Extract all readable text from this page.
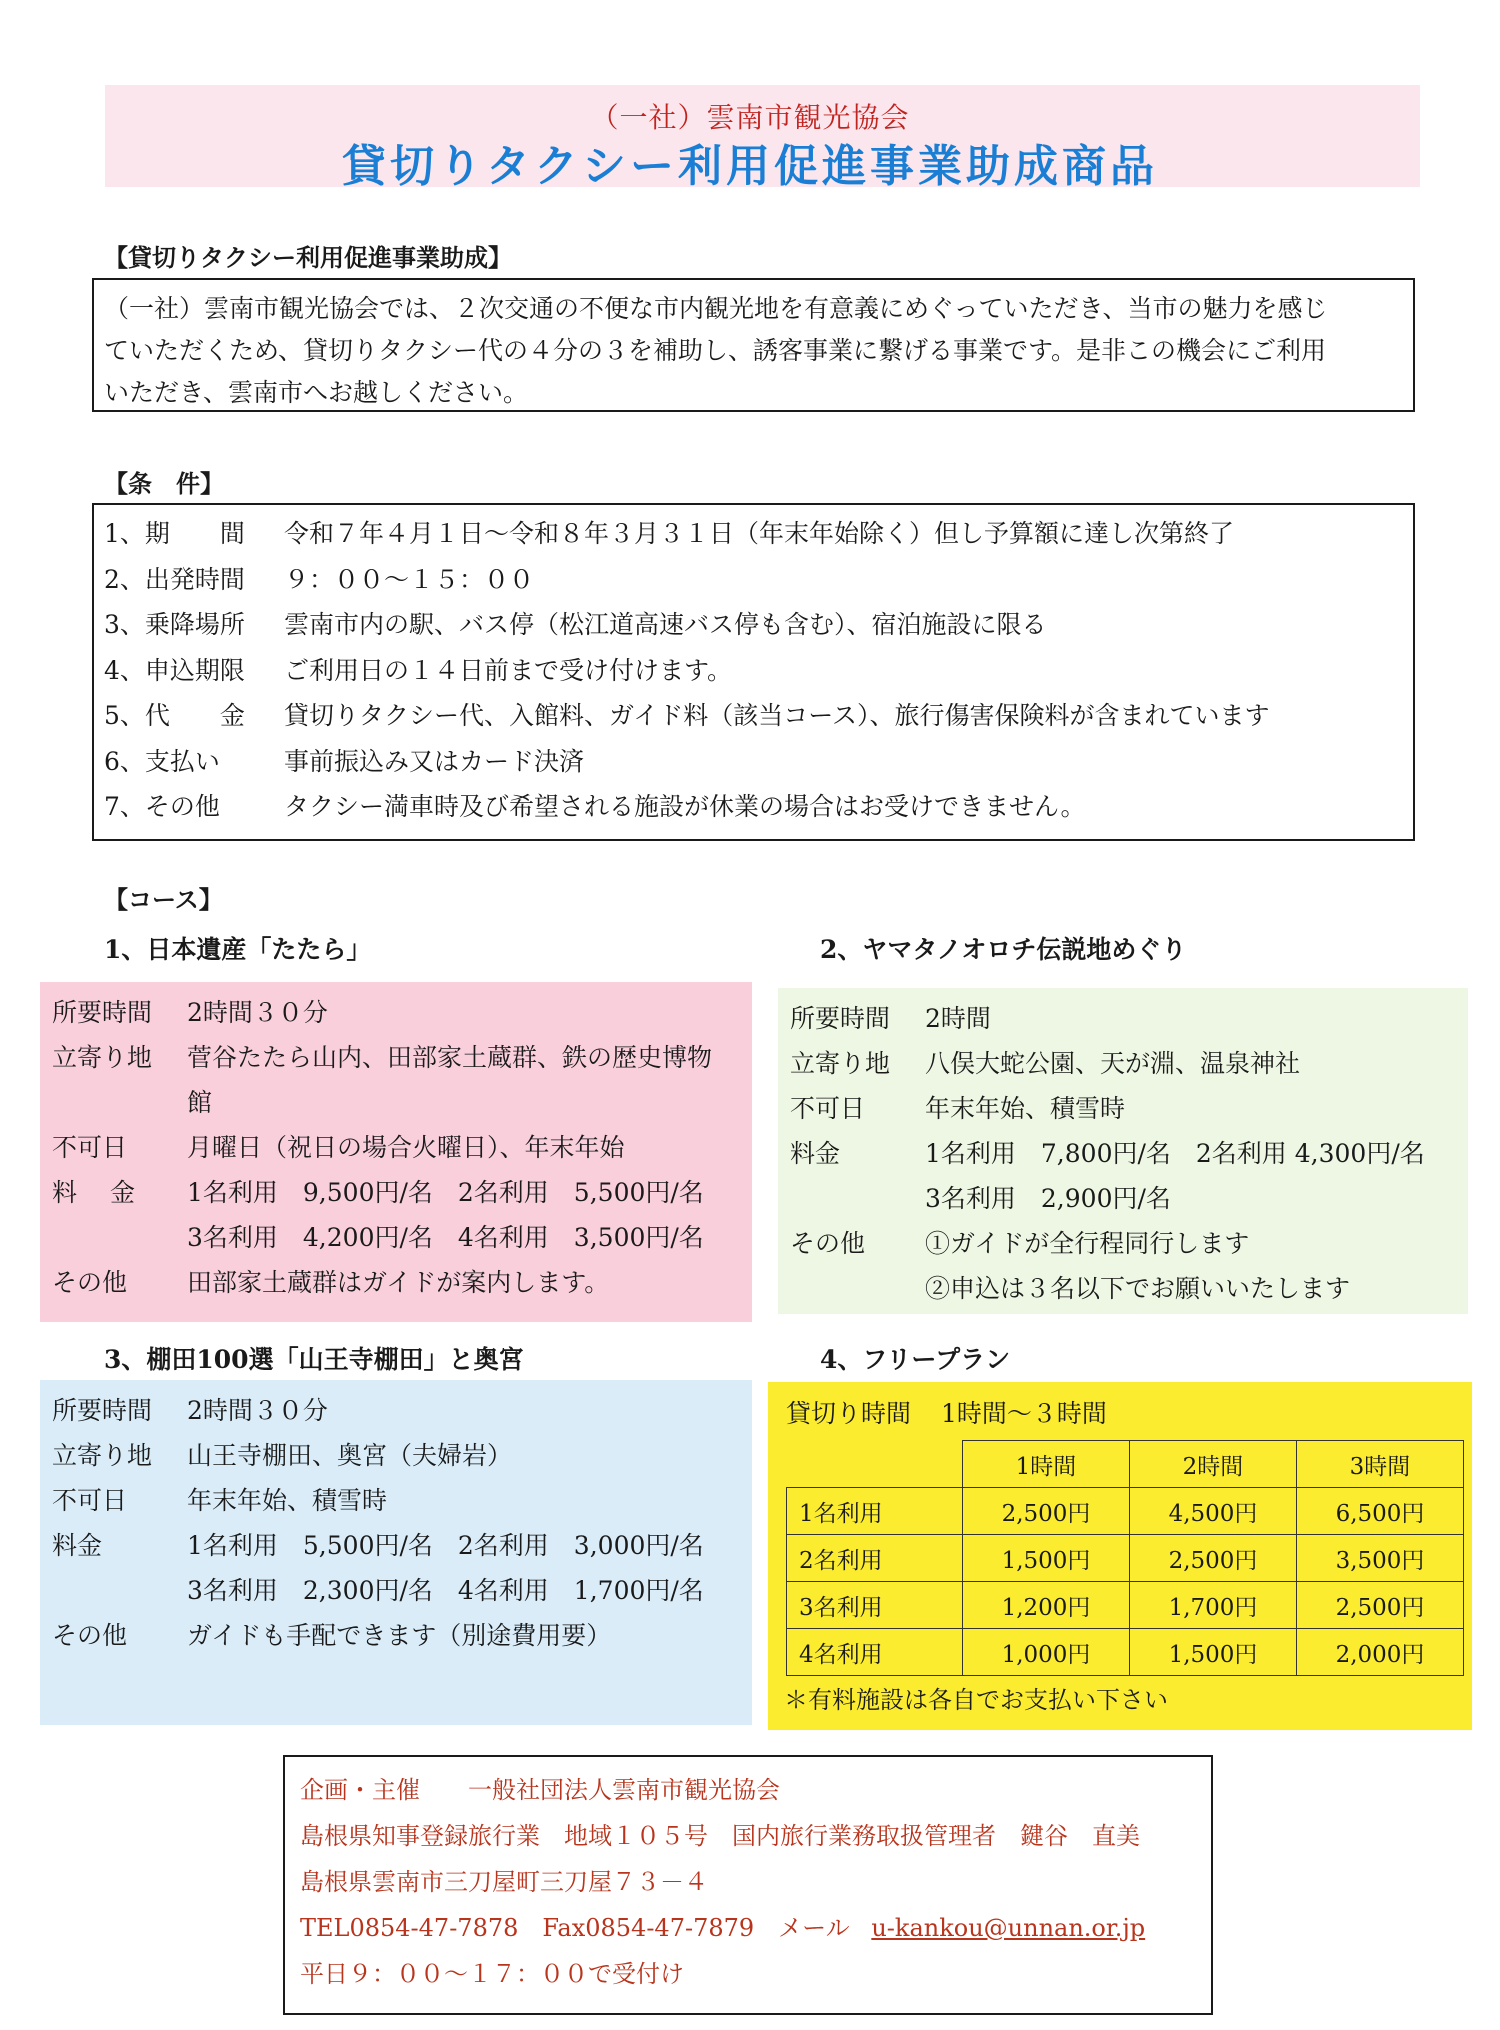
（一社）雲南市観光協会
貸切りタクシー利用促進事業助成商品
【貸切りタクシー利用促進事業助成】
（一社）雲南市観光協会では、２次交通の不便な市内観光地を有意義にめぐっていただき、当市の魅力を感じ
ていただくため、貸切りタクシー代の４分の３を補助し、誘客事業に繋げる事業です。是非この機会にご利用
いただき、雲南市へお越しください。
【条　件】
1、期　　間	令和７年４月１日～令和８年３月３１日（年末年始除く）但し予算額に達し次第終了
2、出発時間	９：００～１５：００
3、乗降場所	雲南市内の駅、バス停（松江道高速バス停も含む）、宿泊施設に限る
4、申込期限	ご利用日の１４日前まで受け付けます。
5、代　　金	貸切りタクシー代、入館料、ガイド料（該当コース）、旅行傷害保険料が含まれています
6、支払い	事前振込み又はカード決済
7、その他	タクシー満車時及び希望される施設が休業の場合はお受けできません。
【コース】
1、日本遺産「たたら」
所要時間	2時間３０分
立寄り地	菅谷たたら山内、田部家土蔵群、鉄の歴史博物
館
不可日	月曜日（祝日の場合火曜日）、年末年始
料　 金	1名利用　9,500円/名　2名利用　5,500円/名
3名利用　4,200円/名　4名利用　3,500円/名
その他	田部家土蔵群はガイドが案内します。
2、ヤマタノオロチ伝説地めぐり
所要時間	2時間
立寄り地	八俣大蛇公園、天が淵、温泉神社
不可日	年末年始、積雪時
料金	1名利用　7,800円/名　2名利用 4,300円/名
3名利用　2,900円/名
その他	①ガイドが全行程同行します
②申込は３名以下でお願いいたします
3、棚田100選「山王寺棚田」と奥宮
所要時間	2時間３０分
立寄り地	山王寺棚田、奥宮（夫婦岩）
不可日	年末年始、積雪時
料金	1名利用　5,500円/名　2名利用　3,000円/名
3名利用　2,300円/名　4名利用　1,700円/名
その他	ガイドも手配できます（別途費用要）
4、フリープラン
貸切り時間 1時間～３時間
	1時間	2時間	3時間
1名利用	2,500円	4,500円	6,500円
2名利用	1,500円	2,500円	3,500円
3名利用	1,200円	1,700円	2,500円
4名利用	1,000円	1,500円	2,000円
＊有料施設は各自でお支払い下さい
企画・主催　　一般社団法人雲南市観光協会
島根県知事登録旅行業　地域１０５号　国内旅行業務取扱管理者　鍵谷　直美
島根県雲南市三刀屋町三刀屋７３－４
TEL0854-47-7878　Fax0854-47-7879　メール u-kankou@unnan.or.jp
平日９：００～１７：００で受付け
